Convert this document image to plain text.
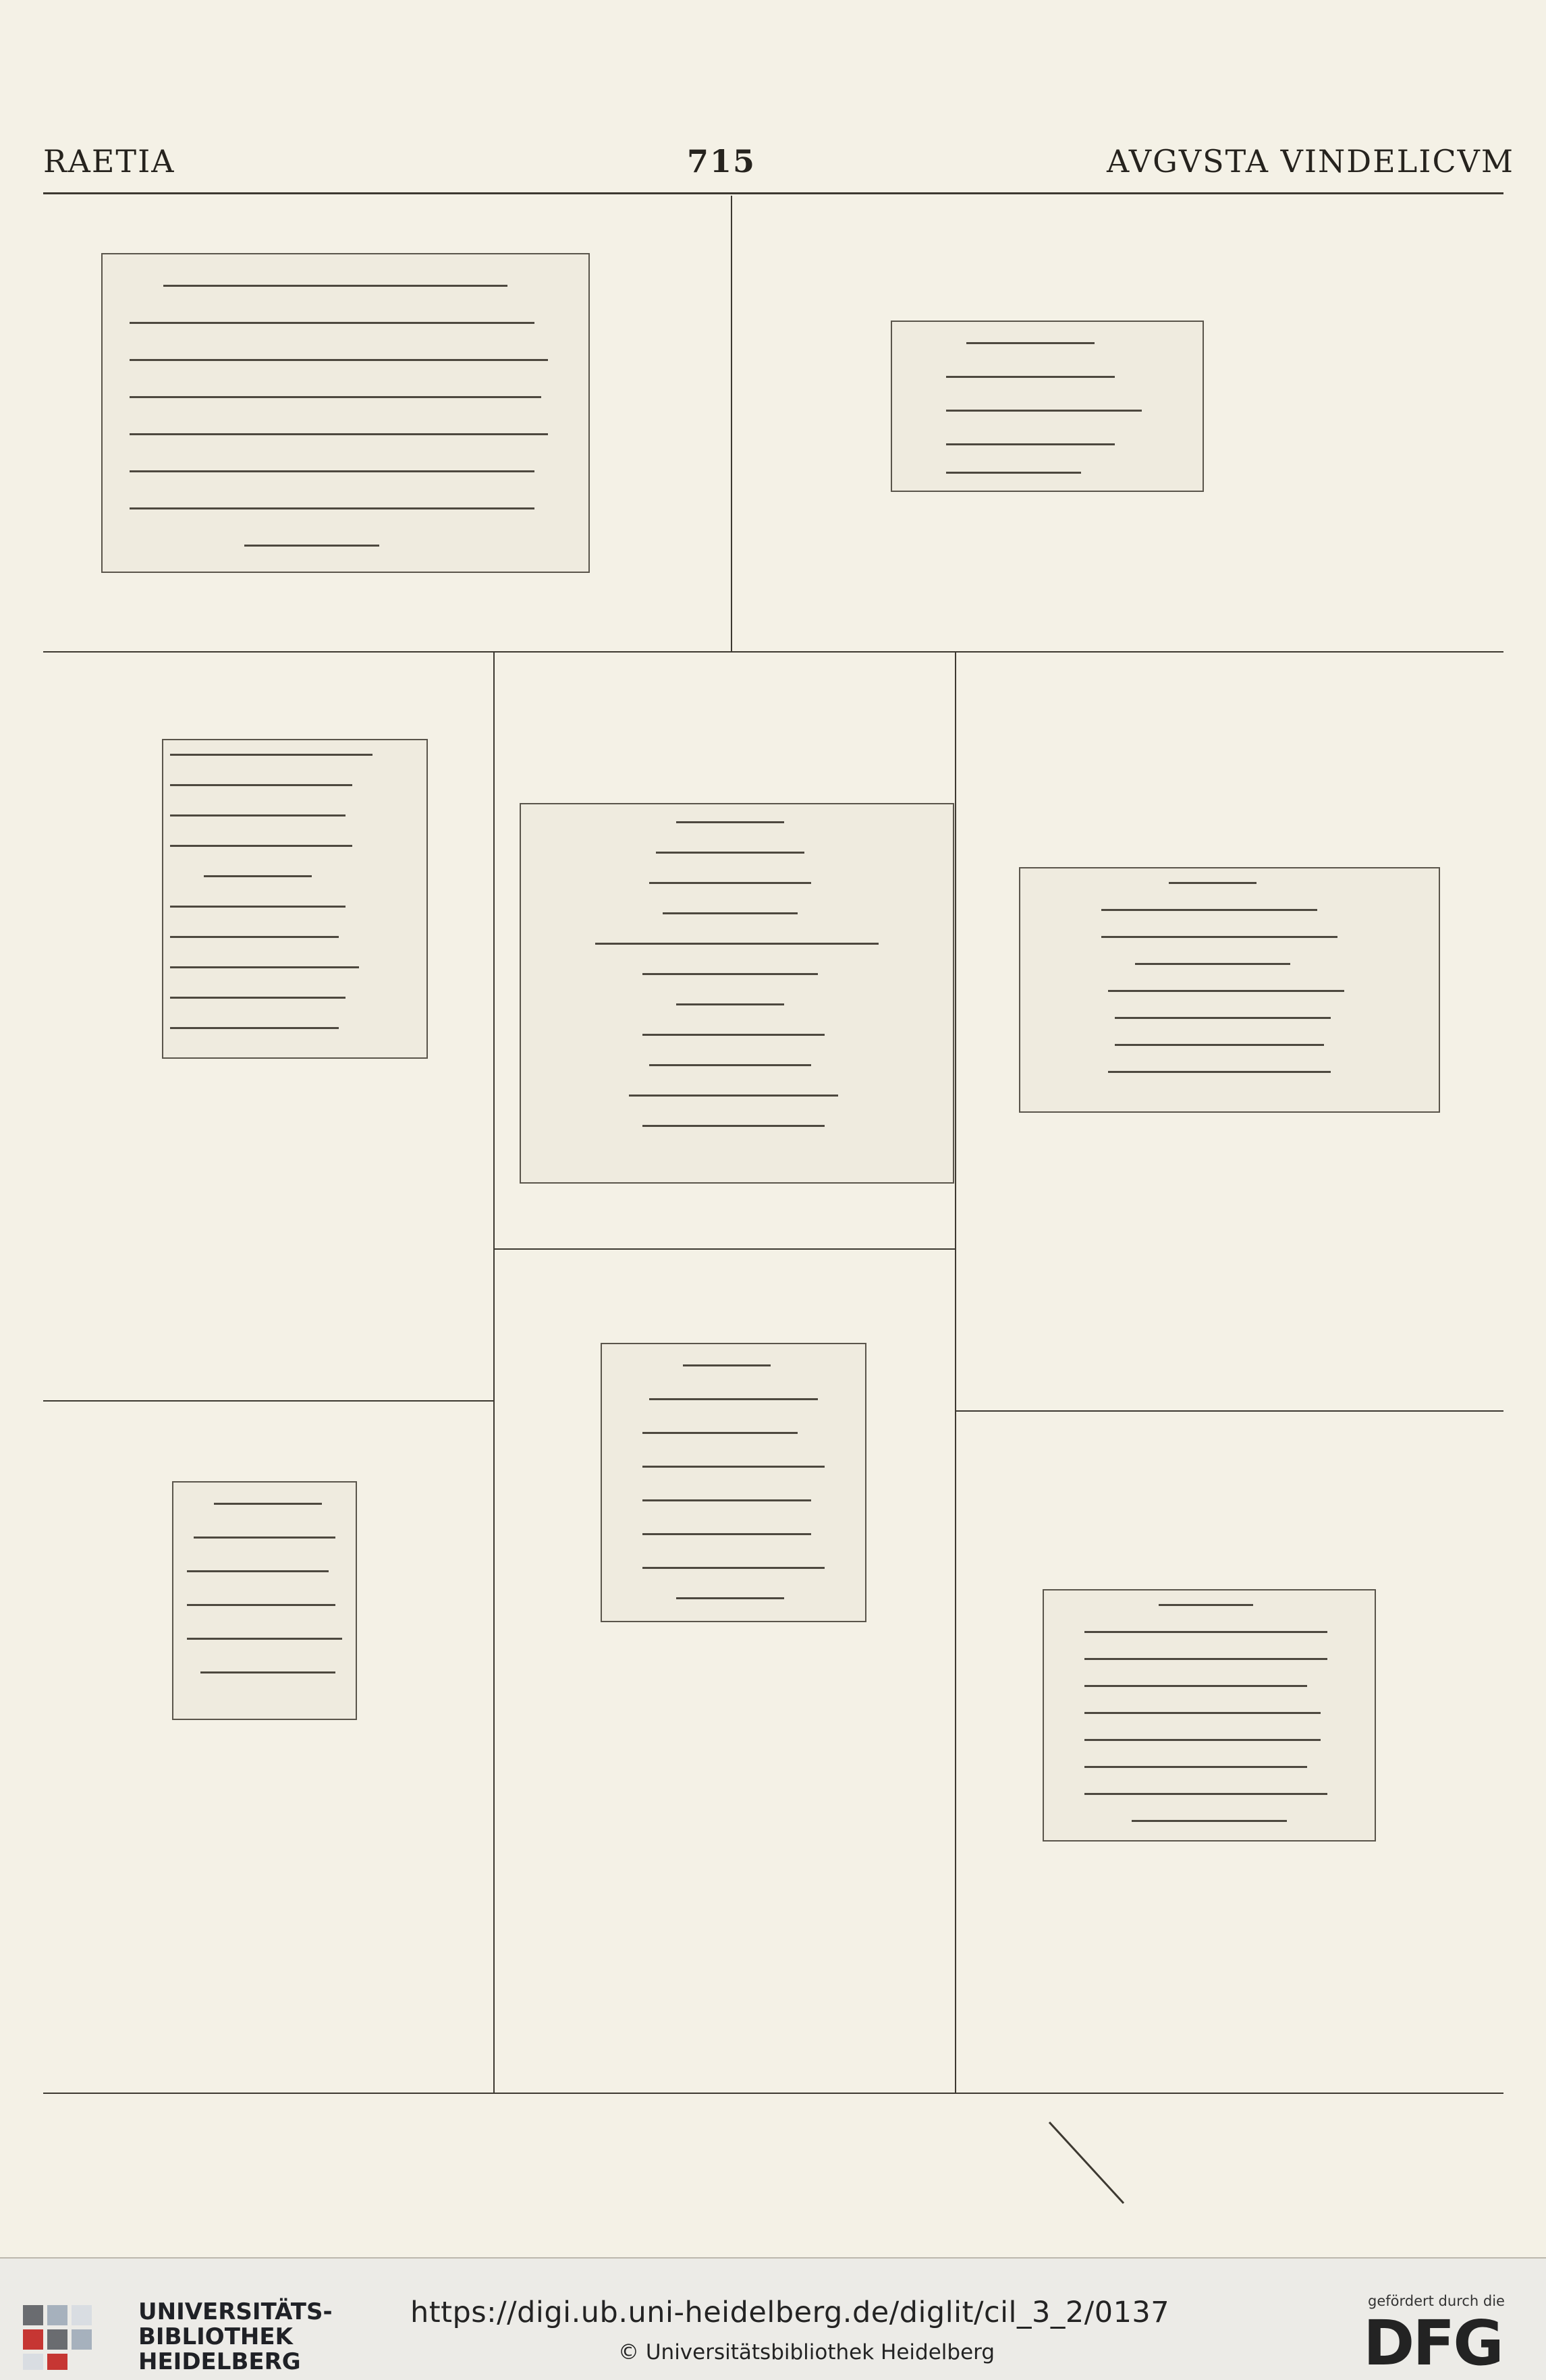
RAETIA	715	AVGVSTA VINDELICVM
UNIVERSITÄTS-
BIBLIOTHEK
HEIDELBERG
https://digi.ub.uni-heidelberg.de/diglit/cil_3_2/0137
© Universitätsbibliothek Heidelberg
gefördert durch die
DFG
